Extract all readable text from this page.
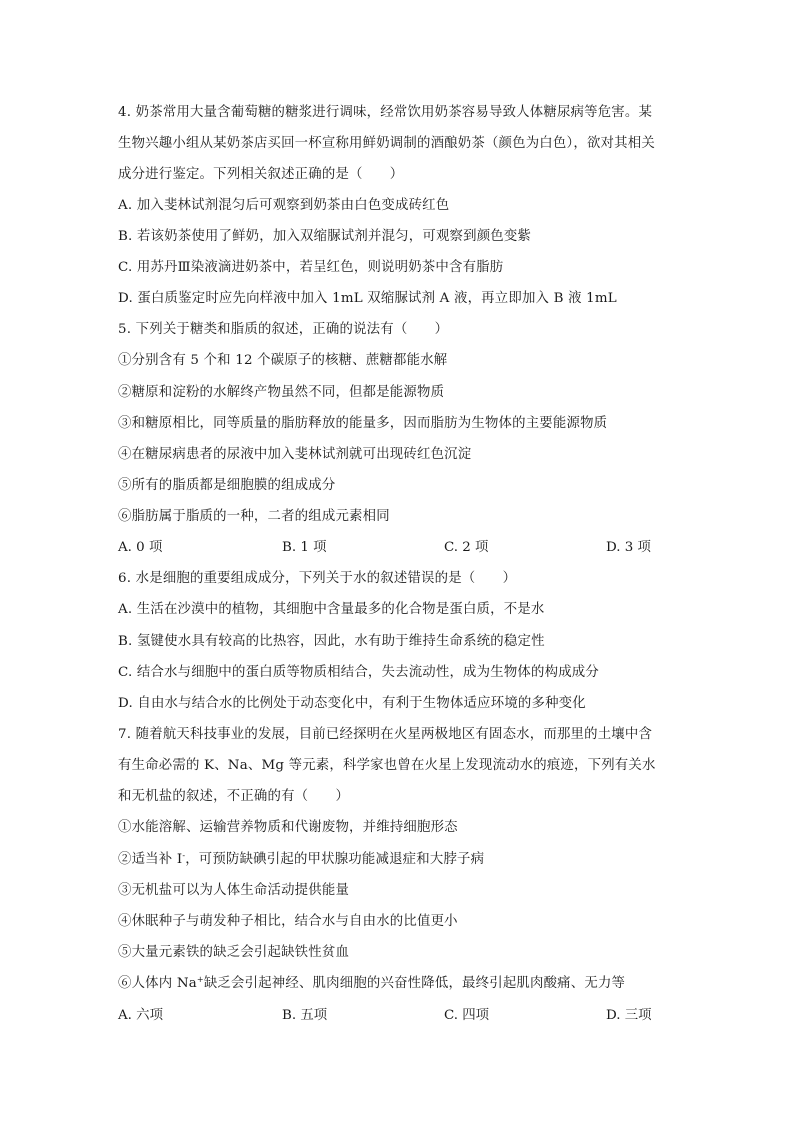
4. 奶茶常用大量含葡萄糖的糖浆进行调味，经常饮用奶茶容易导致人体糖尿病等危害。某
生物兴趣小组从某奶茶店买回一杯宣称用鲜奶调制的酒酿奶茶（颜色为白色），欲对其相关
成分进行鉴定。下列相关叙述正确的是（　　）
A. 加入斐林试剂混匀后可观察到奶茶由白色变成砖红色
B. 若该奶茶使用了鲜奶，加入双缩脲试剂并混匀，可观察到颜色变紫
C. 用苏丹Ⅲ染液滴进奶茶中，若呈红色，则说明奶茶中含有脂肪
D. 蛋白质鉴定时应先向样液中加入 1mL 双缩脲试剂 A 液，再立即加入 B 液 1mL
5. 下列关于糖类和脂质的叙述，正确的说法有（　　）
①分别含有 5 个和 12 个碳原子的核糖、蔗糖都能水解
②糖原和淀粉的水解终产物虽然不同，但都是能源物质
③和糖原相比，同等质量的脂肪释放的能量多，因而脂肪为生物体的主要能源物质
④在糖尿病患者的尿液中加入斐林试剂就可出现砖红色沉淀
⑤所有的脂质都是细胞膜的组成成分
⑥脂肪属于脂质的一种，二者的组成元素相同
A. 0 项	B. 1 项	C. 2 项	D. 3 项
6. 水是细胞的重要组成成分，下列关于水的叙述错误的是（　　）
A. 生活在沙漠中的植物，其细胞中含量最多的化合物是蛋白质，不是水
B. 氢键使水具有较高的比热容，因此，水有助于维持生命系统的稳定性
C. 结合水与细胞中的蛋白质等物质相结合，失去流动性，成为生物体的构成成分
D. 自由水与结合水的比例处于动态变化中，有利于生物体适应环境的多种变化
7. 随着航天科技事业的发展，目前已经探明在火星两极地区有固态水，而那里的土壤中含
有生命必需的 K、Na、Mg 等元素，科学家也曾在火星上发现流动水的痕迹，下列有关水
和无机盐的叙述，不正确的有（　　）
①水能溶解、运输营养物质和代谢废物，并维持细胞形态
②适当补 I-，可预防缺碘引起的甲状腺功能减退症和大脖子病
③无机盐可以为人体生命活动提供能量
④休眠种子与萌发种子相比，结合水与自由水的比值更小
⑤大量元素铁的缺乏会引起缺铁性贫血
⑥人体内 Na+缺乏会引起神经、肌肉细胞的兴奋性降低，最终引起肌肉酸痛、无力等
A. 六项	B. 五项	C. 四项	D. 三项
